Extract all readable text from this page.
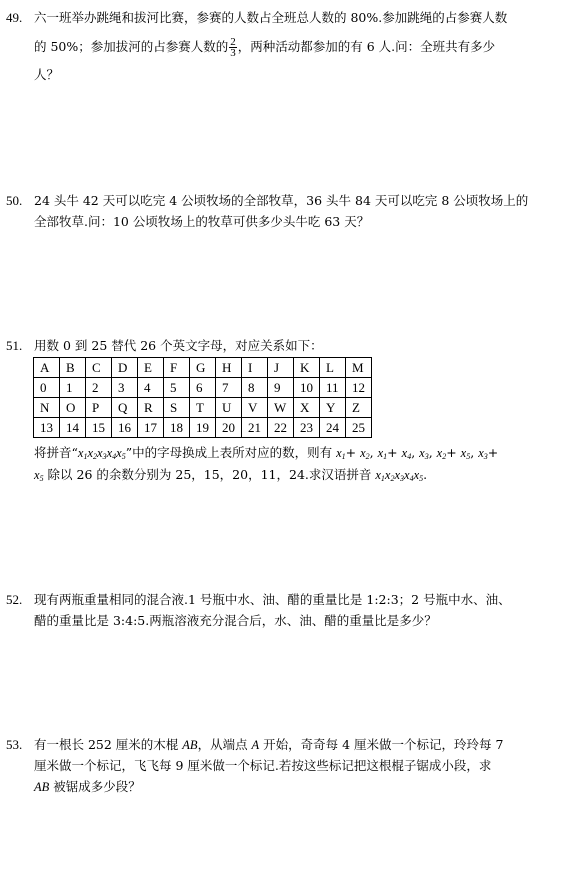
49. 六一班举办跳绳和拔河比赛，参赛的人数占全班总人数的 80%.参加跳绳的占参赛人数
的 50%；参加拔河的占参赛人数的 $\frac{2}{3}$ ，两种活动都参加的有 6 人.问：全班共有多少
人？
50. 24 头牛 42 天可以吃完 4 公顷牧场的全部牧草，36 头牛 84 天可以吃完 8 公顷牧场上的
全部牧草.问：10 公顷牧场上的牧草可供多少头牛吃 63 天？
51. 用数 0 到 25 替代 26 个英文字母，对应关系如下：
A	B	C	D	E	F	G	H	I	J	K	L	M
0	1	2	3	4	5	6	7	8	9	10	11	12
N	O	P	Q	R	S	T	U	V	W	X	Y	Z
13	14	15	16	17	18	19	20	21	22	23	24	25
将拼音“$x_1x_2x_3x_4x_5$”中的字母换成上表所对应的数，则有 $x_1+ x_2$, $x_1+ x_4$, $x_3$, $x_2+ x_5$, $x_3+$
$x_5$ 除以 26 的余数分别为 25，15，20，11，24.求汉语拼音 $x_1x_2x_3x_4x_5$.
52. 现有两瓶重量相同的混合液.1 号瓶中水、油、醋的重量比是 1:2:3；2 号瓶中水、油、
醋的重量比是 3:4:5.两瓶溶液充分混合后，水、油、醋的重量比是多少？
53. 有一根长 252 厘米的木棍 AB，从端点 A 开始，奇奇每 4 厘米做一个标记，玲玲每 7
厘米做一个标记，飞飞每 9 厘米做一个标记.若按这些标记把这根棍子锯成小段，求
AB 被锯成多少段？
